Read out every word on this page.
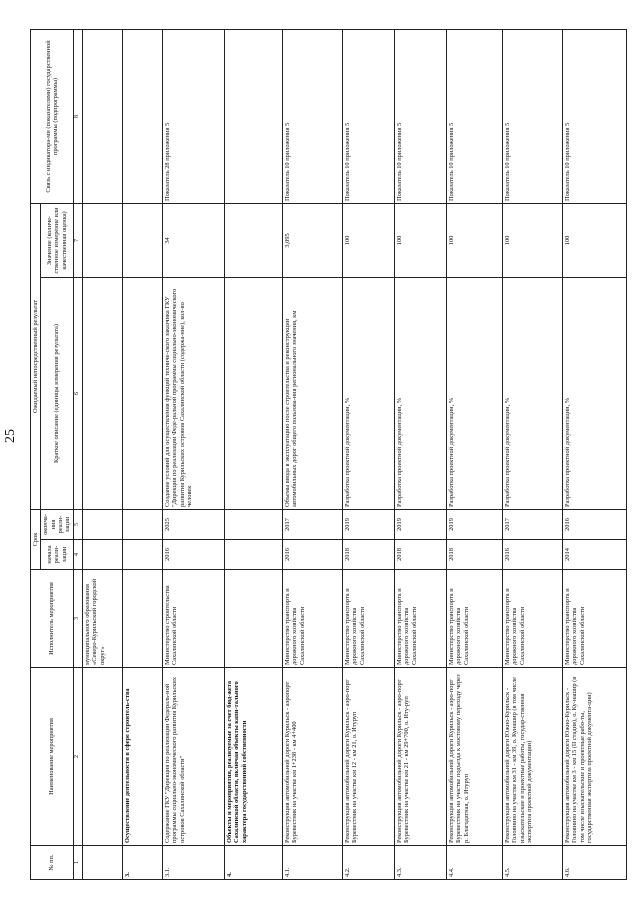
25
№ пп.	Наименование мероприятия	Исполнитель мероприятия	Срок		Ожидаемый непосредственный результат		Связь с индикатора-ми (показателями) государственной программы (подпрограммы)
			начала реали-зации	оконча-ния реали-зации	Краткое описание (единицы измерения результата)	Значение (количе-ственное измерение или качественная оценка)	
1	2	3	4	5	6	7	8
		муниципального образования «Северо-Курильский городской округ»					
3.	Осуществление деятельности в сфере строитель-ства						
3.1.	Содержание ГКУ "Дирекция по реализации Федераль-ной программы социально-экономического развития Курильских островов Сахалинской области"	Министерство строительства Сахалинской области	2016	2025	Создание условий для осуществления функций техниче-ского заказчика ГКУ "Дирекция по реализации Феде-ральной программы социально-экономического развития Курильских островов Сахалинской области (содержа-ние), кол-во человек	34	Показатель 28 приложения 5
4.	Объекты и мероприятия, реализуемые за счет бюд-жета Сахалинской области, включая объекты капи-тального характера государственной собственности						
4.1.	Реконструкция автомобильной дороги Курильск - аэропорт Буревестник на участке км 1+238 - км 4+400	Министерство транспорта и дорожного хозяйства Сахалинской области	2016	2017	Объемы ввода в эксплуатацию после строительства и реконструкции автомобильных дорог общего пользова-ния регионального значения, км	3,095	Показатель 10 приложения 5
4.2.	Реконструкция автомобильной дороги Курильск - аэро-порт Буревестник на участке км 12 - км 21, о. Итуруп	Министерство транспорта и дорожного хозяйства Сахалинской области	2018	2019	Разработка проектной документации, %	100	Показатель 10 приложения 5
4.3.	Реконструкция автомобильной дороги Курильск - аэро-порт Буревестник на участке км 21 - км 29+700, о. Иту-руп	Министерство транспорта и дорожного хозяйства Сахалинской области	2018	2019	Разработка проектной документации, %	100	Показатель 10 приложения 5
4.4.	Реконструкция автомобильной дороги Курильск - аэро-порт Буревестник на участке подъезда к мостовому переходу через р. Благодатная, о. Итуруп	Министерство транспорта и дорожного хозяйства Сахалинской области	2018	2019	Разработка проектной документации, %	100	Показатель 10 приложения 5
4.5.	Реконструкция автомобильной дороги Южно-Курильск - Головнино на участке км 31 - км 39, о. Кунашир (в том числе изыскательские и проектные работы, государ-ственная экспертиза проектной документации)	Министерство транспорта и дорожного хозяйства Сахалинской области	2016	2017	Разработка проектной документации, %	100	Показатель 10 приложения 5
4.6.	Реконструкция автомобильной дороги Южно-Курильск - Головнино на участке км 3 - км 15 (II стадия), о. Ку-нашир (в том числе изыскательские и проектные рабо-ты, государственная экспертиза проектной документа-ции)	Министерство транспорта и дорожного хозяйства Сахалинской области	2014	2016	Разработка проектной документации, %	100	Показатель 10 приложения 5
